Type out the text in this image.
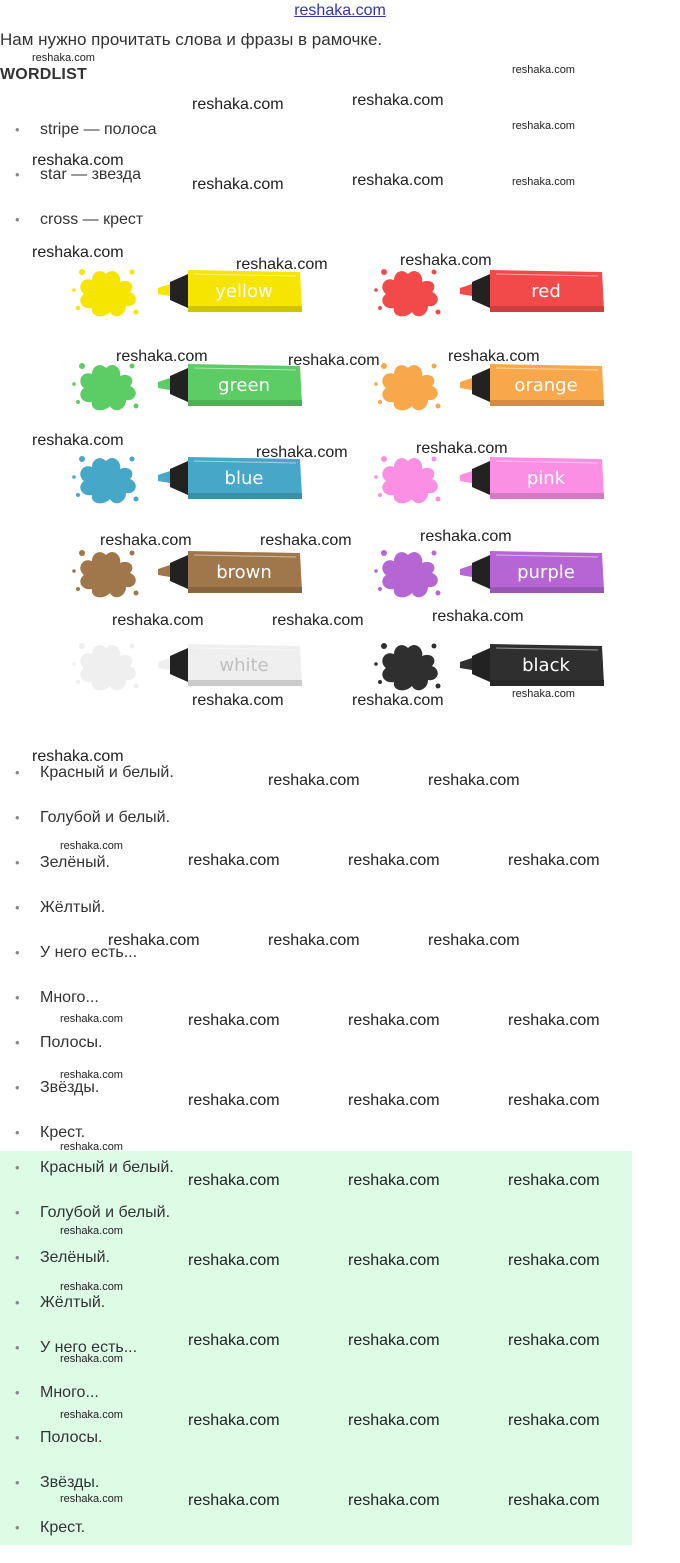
reshaka.com
Нам нужно прочитать слова и фразы в рамочке.
WORDLIST
• stripe — полоса
• star — звезда
• cross — крест
yellow	red
green	orange
blue	pink
brown	purple
white	black
• Красный и белый.
• Голубой и белый.
• Зелёный.
• Жёлтый.
• У него есть...
• Много...
• Полосы.
• Звёзды.
• Крест.
• Красный и белый.
• Голубой и белый.
• Зелёный.
• Жёлтый.
• У него есть...
• Много...
• Полосы.
• Звёзды.
• Крест.
reshaka.com
reshaka.com
reshaka.com	reshaka.com
reshaka.com
reshaka.com
reshaka.com	reshaka.com	reshaka.com
reshaka.com
reshaka.com	reshaka.com
reshaka.com	reshaka.com	reshaka.com
reshaka.com
reshaka.com	reshaka.com
reshaka.com	reshaka.com	reshaka.com
reshaka.com	reshaka.com	reshaka.com
reshaka.com	reshaka.com	reshaka.com
reshaka.com
reshaka.com	reshaka.com
reshaka.com
reshaka.com	reshaka.com	reshaka.com
reshaka.com	reshaka.com	reshaka.com
reshaka.com	reshaka.com	reshaka.com	reshaka.com
reshaka.com
reshaka.com	reshaka.com	reshaka.com
reshaka.com
reshaka.com	reshaka.com	reshaka.com
reshaka.com
reshaka.com	reshaka.com	reshaka.com
reshaka.com
reshaka.com	reshaka.com	reshaka.com
reshaka.com
reshaka.com	reshaka.com	reshaka.com	reshaka.com
reshaka.com	reshaka.com	reshaka.com	reshaka.com
